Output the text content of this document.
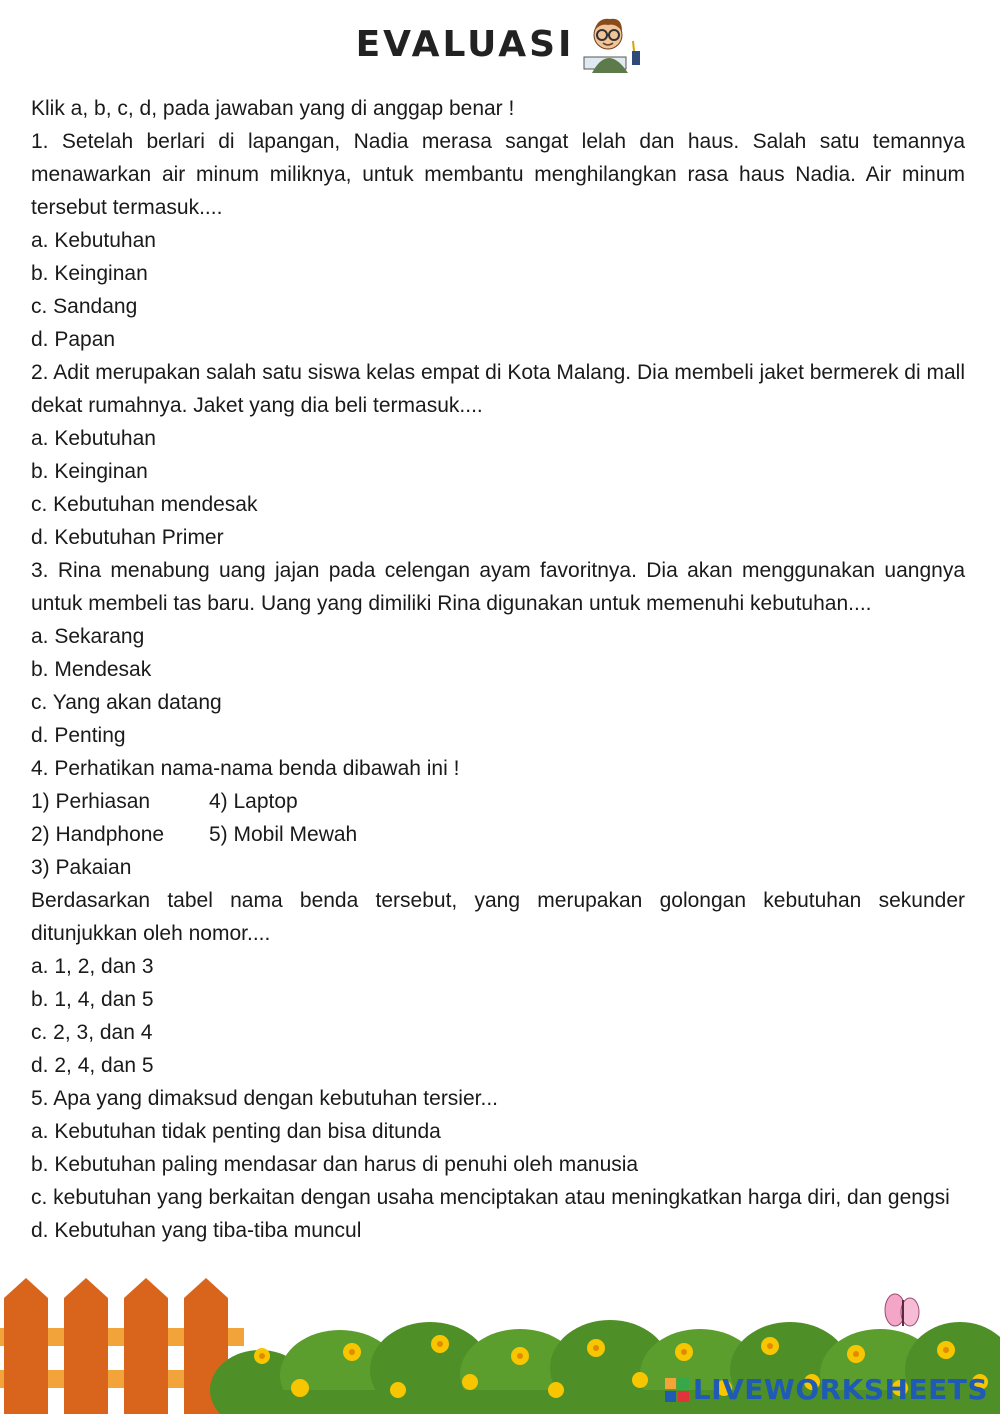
EVALUASI
Klik a, b, c, d, pada jawaban yang di anggap benar !
1. Setelah berlari di lapangan, Nadia merasa sangat lelah dan haus. Salah satu temannya menawarkan air minum miliknya, untuk membantu menghilangkan rasa haus Nadia. Air minum tersebut termasuk....
a. Kebutuhan
b. Keinginan
c. Sandang
d. Papan
2. Adit merupakan salah satu siswa kelas empat di Kota Malang. Dia membeli jaket bermerek di mall dekat rumahnya. Jaket yang dia beli termasuk....
a. Kebutuhan
b. Keinginan
c. Kebutuhan mendesak
d. Kebutuhan Primer
3. Rina menabung uang jajan pada celengan ayam favoritnya. Dia akan menggunakan uangnya untuk membeli tas baru. Uang yang dimiliki Rina digunakan untuk memenuhi kebutuhan....
a. Sekarang
b. Mendesak
c. Yang akan datang
d. Penting
4. Perhatikan nama-nama benda dibawah ini !
1) Perhiasan	4) Laptop
2) Handphone	5) Mobil Mewah
3) Pakaian
Berdasarkan tabel nama benda tersebut, yang merupakan golongan kebutuhan sekunder ditunjukkan oleh nomor....
a. 1, 2, dan 3
b. 1, 4, dan 5
c. 2, 3, dan 4
d. 2, 4, dan 5
5. Apa yang dimaksud dengan kebutuhan tersier...
a. Kebutuhan tidak penting dan bisa ditunda
b. Kebutuhan paling mendasar dan harus di penuhi oleh manusia
c. kebutuhan yang berkaitan dengan usaha menciptakan atau meningkatkan harga diri, dan gengsi
d. Kebutuhan yang tiba-tiba muncul
LIVEWORKSHEETS
